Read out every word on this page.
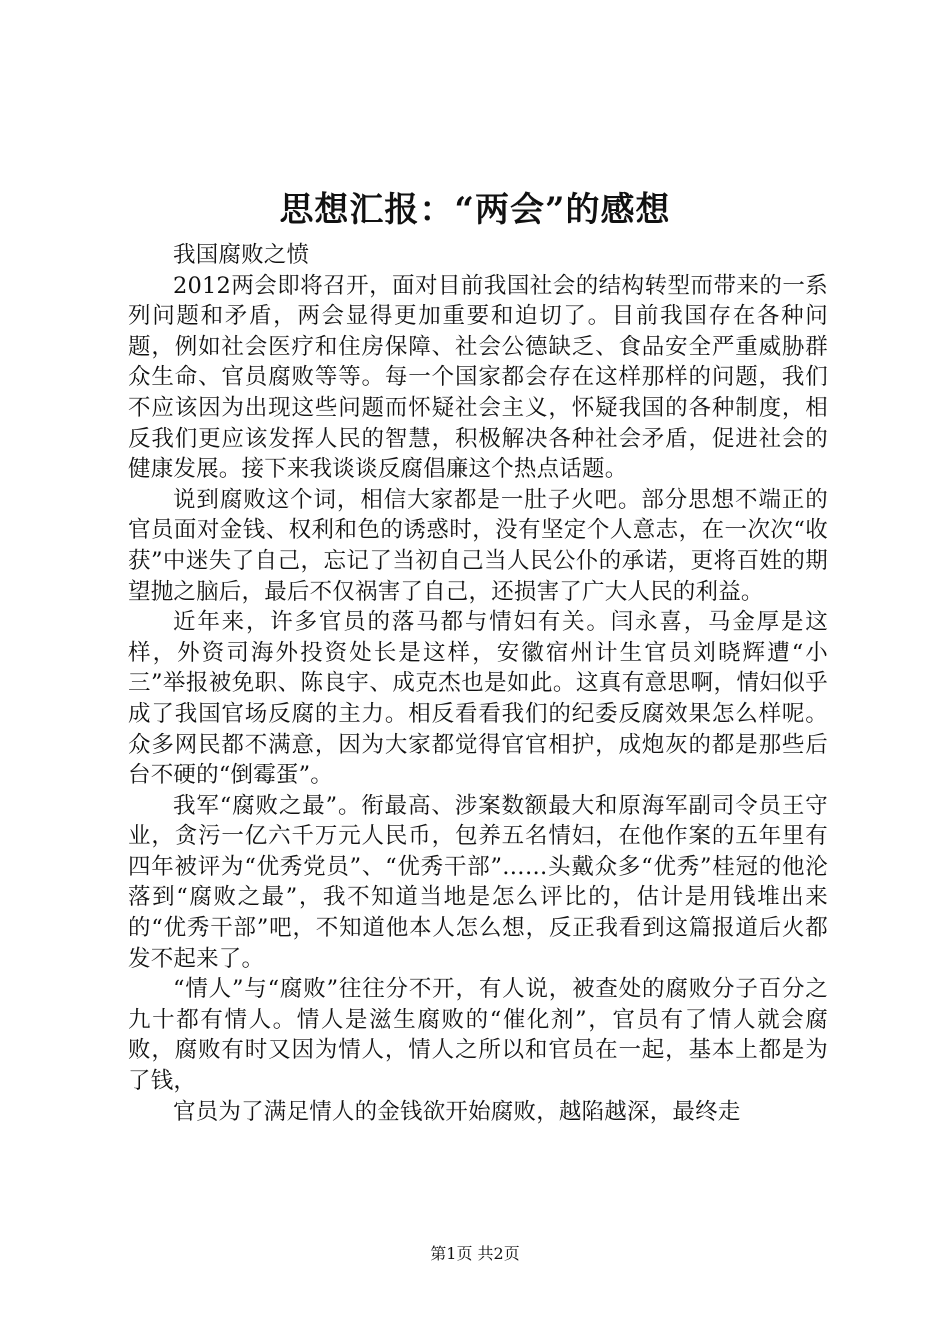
思想汇报：“两会”的感想

我国腐败之愤

2012两会即将召开，面对目前我国社会的结构转型而带来的一系列问题和矛盾，两会显得更加重要和迫切了。目前我国存在各种问题，例如社会医疗和住房保障、社会公德缺乏、食品安全严重威胁群众生命、官员腐败等等。每一个国家都会存在这样那样的问题，我们不应该因为出现这些问题而怀疑社会主义，怀疑我国的各种制度，相反我们更应该发挥人民的智慧，积极解决各种社会矛盾，促进社会的健康发展。接下来我谈谈反腐倡廉这个热点话题。

说到腐败这个词，相信大家都是一肚子火吧。部分思想不端正的官员面对金钱、权利和色的诱惑时，没有坚定个人意志，在一次次“收获”中迷失了自己，忘记了当初自己当人民公仆的承诺，更将百姓的期望抛之脑后，最后不仅祸害了自己，还损害了广大人民的利益。

近年来，许多官员的落马都与情妇有关。闫永喜，马金厚是这样，外资司海外投资处长是这样，安徽宿州计生官员刘晓辉遭“小三”举报被免职、陈良宇、成克杰也是如此。这真有意思啊，情妇似乎成了我国官场反腐的主力。相反看看我们的纪委反腐效果怎么样呢。众多网民都不满意，因为大家都觉得官官相护，成炮灰的都是那些后台不硬的“倒霉蛋”。

我军“腐败之最”。衔最高、涉案数额最大和原海军副司令员王守业，贪污一亿六千万元人民币，包养五名情妇，在他作案的五年里有四年被评为“优秀党员”、“优秀干部”……头戴众多“优秀”桂冠的他沦落到“腐败之最”，我不知道当地是怎么评比的，估计是用钱堆出来的“优秀干部”吧，不知道他本人怎么想，反正我看到这篇报道后火都发不起来了。

“情人”与“腐败”往往分不开，有人说，被查处的腐败分子百分之九十都有情人。情人是滋生腐败的“催化剂”，官员有了情人就会腐败，腐败有时又因为情人，情人之所以和官员在一起，基本上都是为了钱，

官员为了满足情人的金钱欲开始腐败，越陷越深，最终走

第1页 共2页
